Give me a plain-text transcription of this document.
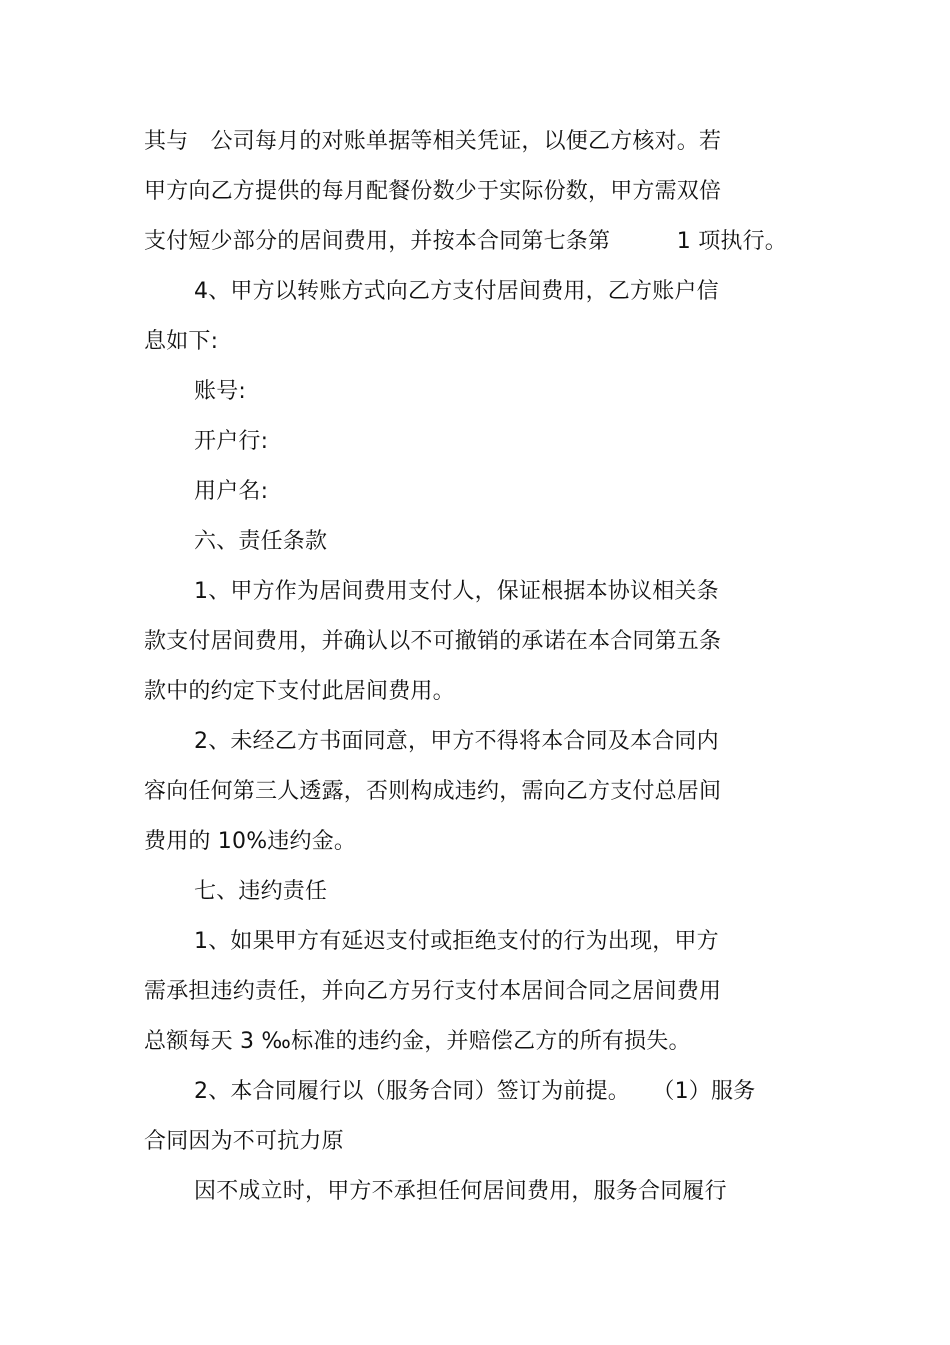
其与　公司每月的对账单据等相关凭证，以便乙方核对。若
甲方向乙方提供的每月配餐份数少于实际份数，甲方需双倍
支付短少部分的居间费用，并按本合同第七条第　　　1 项执行。
4、甲方以转账方式向乙方支付居间费用，乙方账户信
息如下:
账号:
开户行:
用户名:
六、责任条款
1、甲方作为居间费用支付人，保证根据本协议相关条
款支付居间费用，并确认以不可撤销的承诺在本合同第五条
款中的约定下支付此居间费用。
2、未经乙方书面同意，甲方不得将本合同及本合同内
容向任何第三人透露，否则构成违约，需向乙方支付总居间
费用的 10%违约金。
七、违约责任
1、如果甲方有延迟支付或拒绝支付的行为出现，甲方
需承担违约责任，并向乙方另行支付本居间合同之居间费用
总额每天 3 ‰标准的违约金，并赔偿乙方的所有损失。
2、本合同履行以（服务合同）签订为前提。　　（1）服务
合同因为不可抗力原
因不成立时，甲方不承担任何居间费用，服务合同履行
